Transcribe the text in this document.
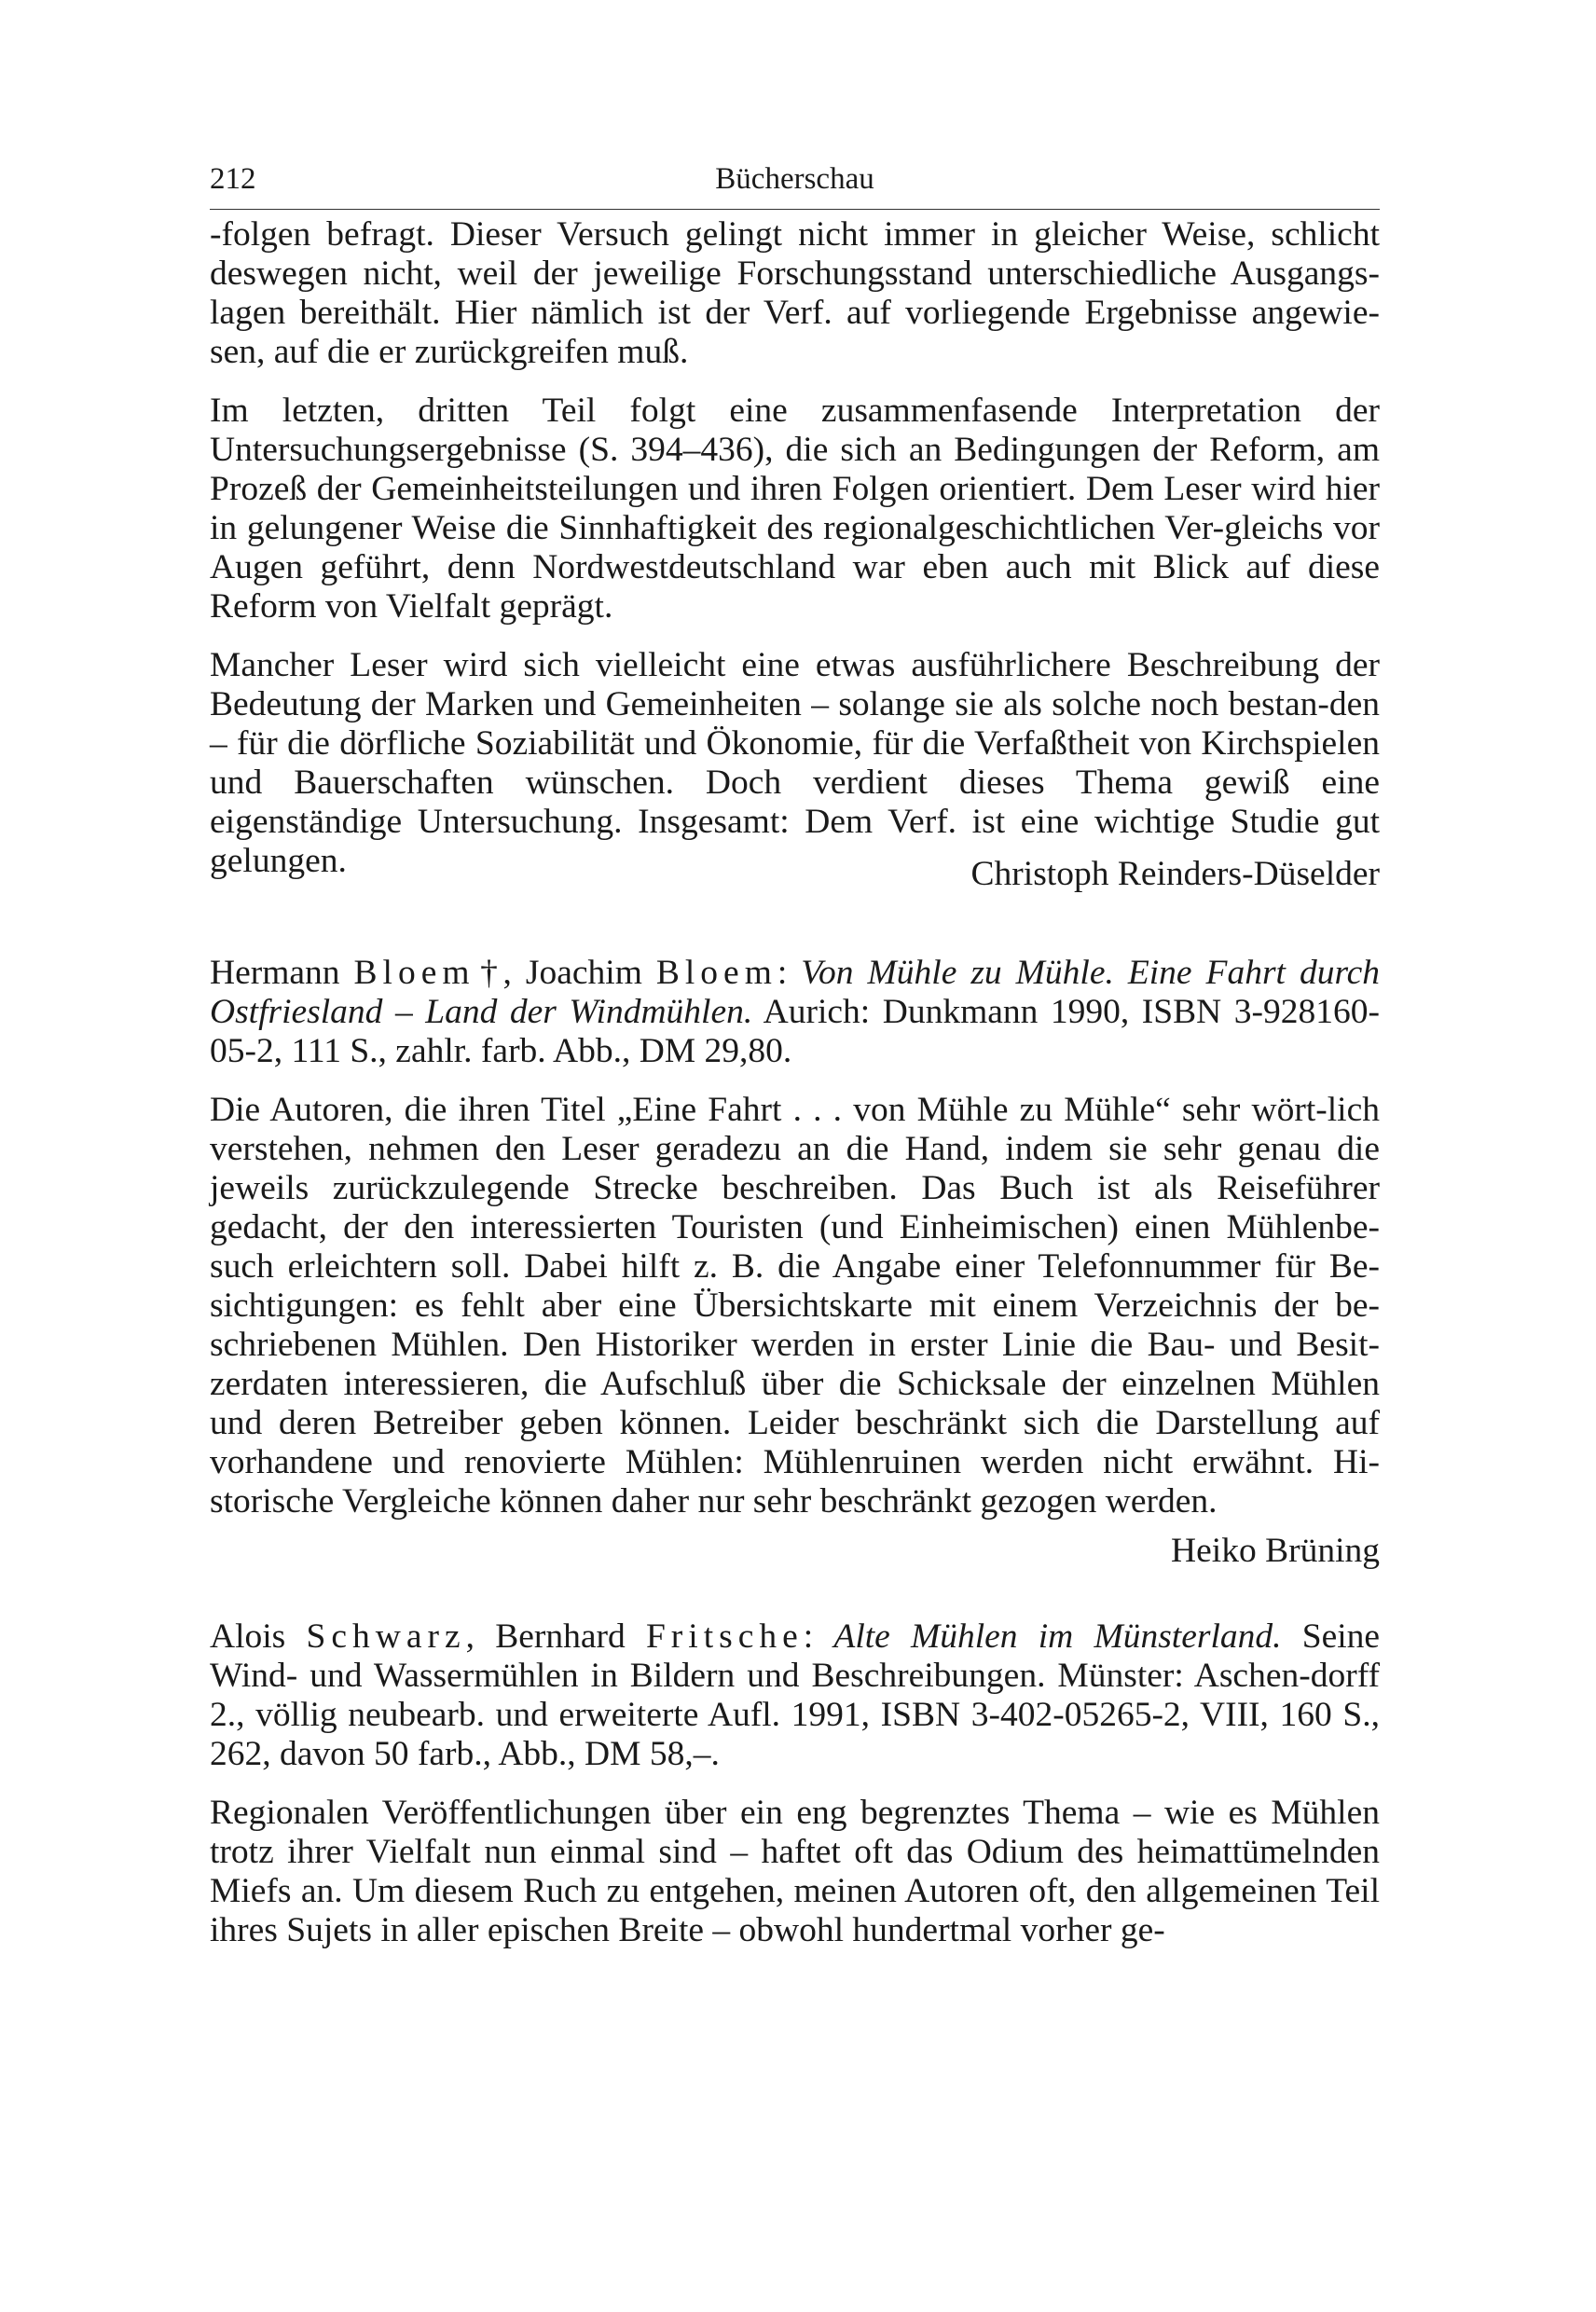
212	Bücherschau

-folgen befragt. Dieser Versuch gelingt nicht immer in gleicher Weise, schlicht deswegen nicht, weil der jeweilige Forschungsstand unterschiedliche Ausgangs-lagen bereithält. Hier nämlich ist der Verf. auf vorliegende Ergebnisse angewie-sen, auf die er zurückgreifen muß.

Im letzten, dritten Teil folgt eine zusammenfasende Interpretation der Untersuchungsergebnisse (S. 394–436), die sich an Bedingungen der Reform, am Prozeß der Gemeinheitsteilungen und ihren Folgen orientiert. Dem Leser wird hier in gelungener Weise die Sinnhaftigkeit des regionalgeschichtlichen Ver-gleichs vor Augen geführt, denn Nordwestdeutschland war eben auch mit Blick auf diese Reform von Vielfalt geprägt.

Mancher Leser wird sich vielleicht eine etwas ausführlichere Beschreibung der Bedeutung der Marken und Gemeinheiten – solange sie als solche noch bestan-den – für die dörfliche Soziabilität und Ökonomie, für die Verfaßtheit von Kirchspielen und Bauerschaften wünschen. Doch verdient dieses Thema gewiß eine eigenständige Untersuchung. Insgesamt: Dem Verf. ist eine wichtige Studie gut gelungen.	Christoph Reinders-Düselder

Hermann Bloem†, Joachim Bloem: Von Mühle zu Mühle. Eine Fahrt durch Ostfriesland – Land der Windmühlen. Aurich: Dunkmann 1990, ISBN 3-928160-05-2, 111 S., zahlr. farb. Abb., DM 29,80.

Die Autoren, die ihren Titel „Eine Fahrt . . . von Mühle zu Mühle“ sehr wört-lich verstehen, nehmen den Leser geradezu an die Hand, indem sie sehr genau die jeweils zurückzulegende Strecke beschreiben. Das Buch ist als Reiseführer gedacht, der den interessierten Touristen (und Einheimischen) einen Mühlenbe-such erleichtern soll. Dabei hilft z. B. die Angabe einer Telefonnummer für Be-sichtigungen: es fehlt aber eine Übersichtskarte mit einem Verzeichnis der be-schriebenen Mühlen. Den Historiker werden in erster Linie die Bau- und Besit-zerdaten interessieren, die Aufschluß über die Schicksale der einzelnen Mühlen und deren Betreiber geben können. Leider beschränkt sich die Darstellung auf vorhandene und renovierte Mühlen: Mühlenruinen werden nicht erwähnt. Hi-storische Vergleiche können daher nur sehr beschränkt gezogen werden.

Heiko Brüning

Alois Schwarz, Bernhard Fritsche: Alte Mühlen im Münsterland. Seine Wind- und Wassermühlen in Bildern und Beschreibungen. Münster: Aschen-dorff 2., völlig neubearb. und erweiterte Aufl. 1991, ISBN 3-402-05265-2, VIII, 160 S., 262, davon 50 farb., Abb., DM 58,–.

Regionalen Veröffentlichungen über ein eng begrenztes Thema – wie es Mühlen trotz ihrer Vielfalt nun einmal sind – haftet oft das Odium des heimattümelnden Miefs an. Um diesem Ruch zu entgehen, meinen Autoren oft, den allgemeinen Teil ihres Sujets in aller epischen Breite – obwohl hundertmal vorher ge-
